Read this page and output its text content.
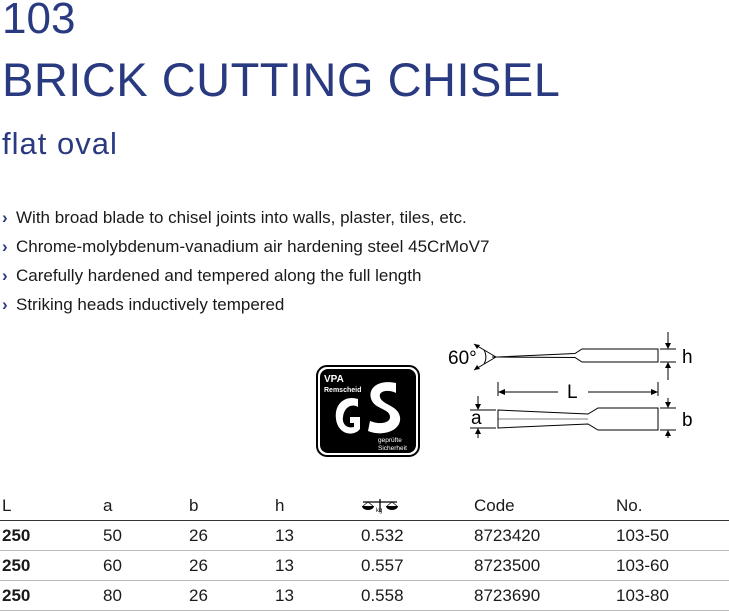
103
BRICK CUTTING CHISEL
flat oval
› With broad blade to chisel joints into walls, plaster, tiles, etc.
› Chrome-molybdenum-vanadium air hardening steel 45CrMoV7
› Carefully hardened and tempered along the full length
› Striking heads inductively tempered
VPA
Remscheid
geprüfte
Sicherheit
60°	h
L
a	b
L	a	b	h	kg	Code	No.
250	50	26	13	0.532	8723420	103-50
250	60	26	13	0.557	8723500	103-60
250	80	26	13	0.558	8723690	103-80
